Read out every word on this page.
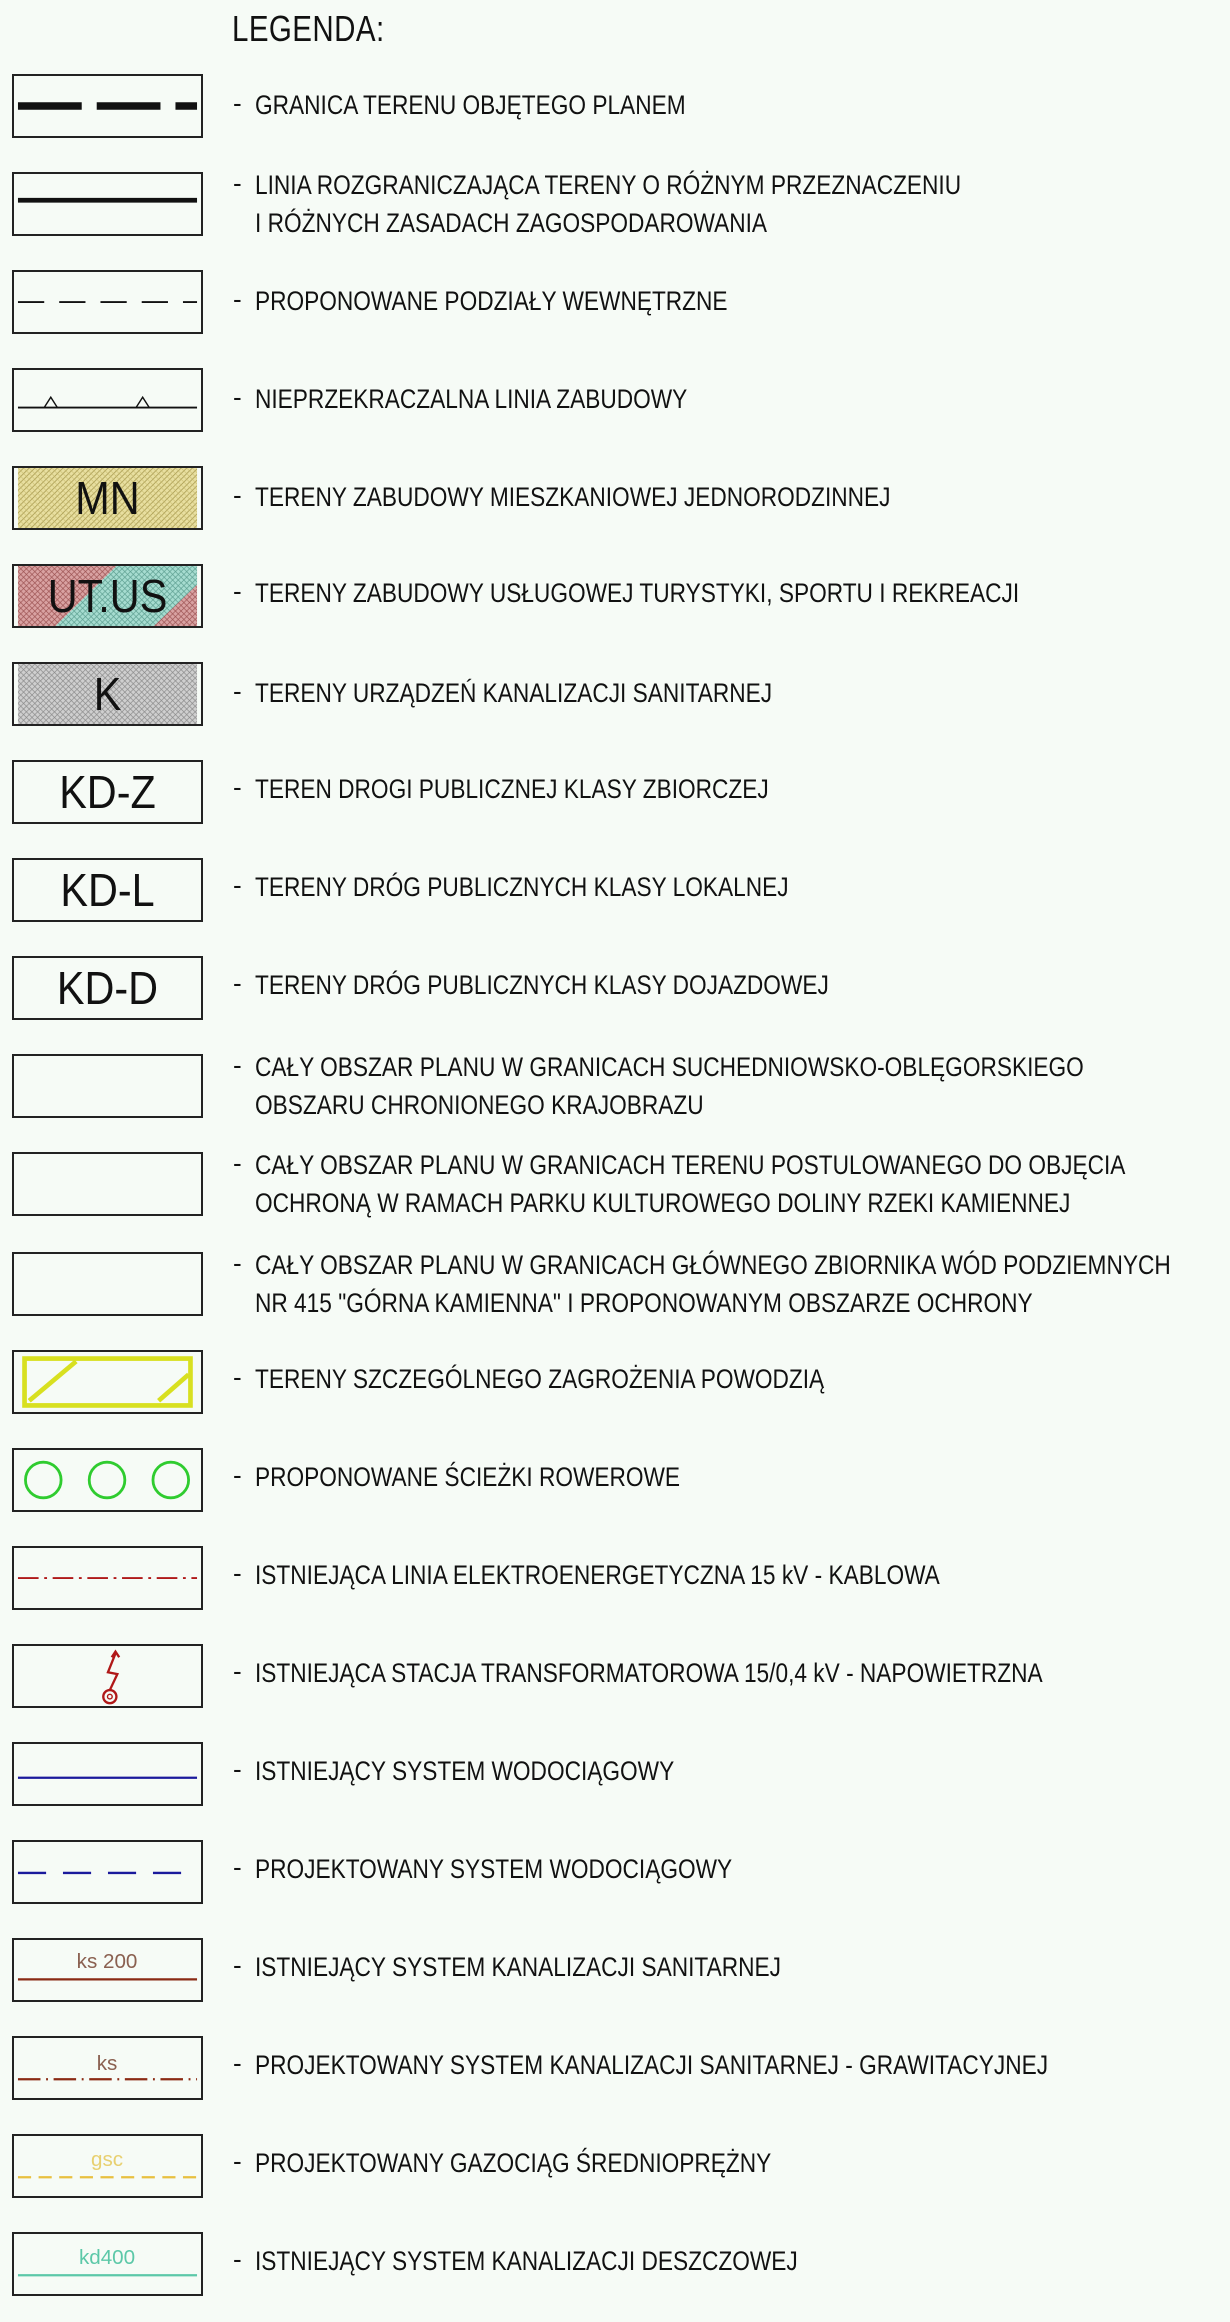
LEGENDA:
- GRANICA TERENU OBJĘTEGO PLANEM
- LINIA ROZGRANICZAJĄCA TERENY O RÓŻNYM PRZEZNACZENIU
I RÓŻNYCH ZASADACH ZAGOSPODAROWANIA
- PROPONOWANE PODZIAŁY WEWNĘTRZNE
- NIEPRZEKRACZALNA LINIA ZABUDOWY
MN	- TERENY ZABUDOWY MIESZKANIOWEJ JEDNORODZINNEJ
UT.US	- TERENY ZABUDOWY USŁUGOWEJ TURYSTYKI, SPORTU I REKREACJI
K	- TERENY URZĄDZEŃ KANALIZACJI SANITARNEJ
KD-Z	- TEREN DROGI PUBLICZNEJ KLASY ZBIORCZEJ
KD-L	- TERENY DRÓG PUBLICZNYCH KLASY LOKALNEJ
KD-D	- TERENY DRÓG PUBLICZNYCH KLASY DOJAZDOWEJ
- CAŁY OBSZAR PLANU W GRANICACH SUCHEDNIOWSKO-OBLĘGORSKIEGO
OBSZARU CHRONIONEGO KRAJOBRAZU
- CAŁY OBSZAR PLANU W GRANICACH TERENU POSTULOWANEGO DO OBJĘCIA
OCHRONĄ W RAMACH PARKU KULTUROWEGO DOLINY RZEKI KAMIENNEJ
- CAŁY OBSZAR PLANU W GRANICACH GŁÓWNEGO ZBIORNIKA WÓD PODZIEMNYCH
NR 415 "GÓRNA KAMIENNA" I PROPONOWANYM OBSZARZE OCHRONY
- TERENY SZCZEGÓLNEGO ZAGROŻENIA POWODZIĄ
- PROPONOWANE ŚCIEŻKI ROWEROWE
- ISTNIEJĄCA LINIA ELEKTROENERGETYCZNA 15 kV - KABLOWA
- ISTNIEJĄCA STACJA TRANSFORMATOROWA 15/0,4 kV - NAPOWIETRZNA
- ISTNIEJĄCY SYSTEM WODOCIĄGOWY
- PROJEKTOWANY SYSTEM WODOCIĄGOWY
ks 200	- ISTNIEJĄCY SYSTEM KANALIZACJI SANITARNEJ
ks	- PROJEKTOWANY SYSTEM KANALIZACJI SANITARNEJ - GRAWITACYJNEJ
gsc	- PROJEKTOWANY GAZOCIĄG ŚREDNIOPRĘŻNY
kd400	- ISTNIEJĄCY SYSTEM KANALIZACJI DESZCZOWEJ
